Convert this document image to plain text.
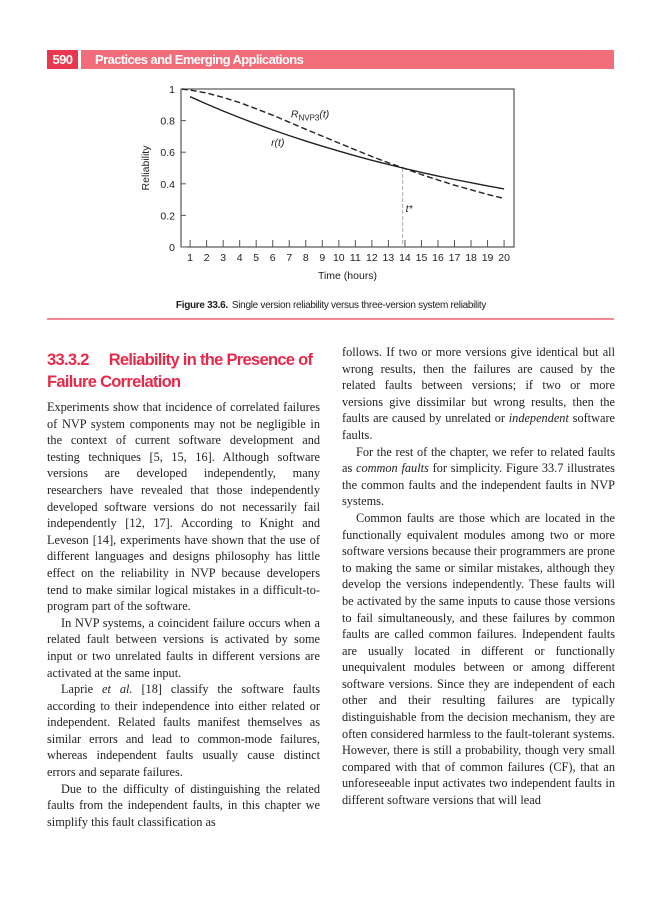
590	Practices and Emerging Applications
0
0.2
0.4
0.6
0.8
1
1 2 3 4 5 6 7 8 9 10 11 12 13 14 15 16 17 18 19 20
Time (hours)
Reliability
t*
r(t)
$R_{NVP3}(t)$
Figure 33.6. Single version reliability versus three-version system reliability
33.3.2 Reliability in the Presence of Failure Correlation

Experiments show that incidence of correlated failures of NVP system components may not be negligible in the context of current software development and testing techniques [5, 15, 16]. Although software versions are developed independently, many researchers have revealed that those independently developed software versions do not necessarily fail independently [12, 17]. According to Knight and Leveson [14], experiments have shown that the use of different languages and designs philosophy has little effect on the reliability in NVP because developers tend to make similar logical mistakes in a difficult-to-program part of the software.

In NVP systems, a coincident failure occurs when a related fault between versions is activated by some input or two unrelated faults in different versions are activated at the same input.

Laprie et al. [18] classify the software faults according to their independence into either related or independent. Related faults manifest themselves as similar errors and lead to common-mode failures, whereas independent faults usually cause distinct errors and separate failures.

Due to the difficulty of distinguishing the related faults from the independent faults, in this chapter we simplify this fault classification as

follows. If two or more versions give identical but all wrong results, then the failures are caused by the related faults between versions; if two or more versions give dissimilar but wrong results, then the faults are caused by unrelated or independent software faults.

For the rest of the chapter, we refer to related faults as common faults for simplicity. Figure 33.7 illustrates the common faults and the independent faults in NVP systems.

Common faults are those which are located in the functionally equivalent modules among two or more software versions because their programmers are prone to making the same or similar mistakes, although they develop the versions independently. These faults will be activated by the same inputs to cause those versions to fail simultaneously, and these failures by common faults are called common failures. Independent faults are usually located in different or functionally unequivalent modules between or among different software versions. Since they are independent of each other and their resulting failures are typically distinguishable from the decision mechanism, they are often considered harmless to the fault-tolerant systems. However, there is still a probability, though very small compared with that of common failures (CF), that an unforeseeable input activates two independent faults in different software versions that will lead
